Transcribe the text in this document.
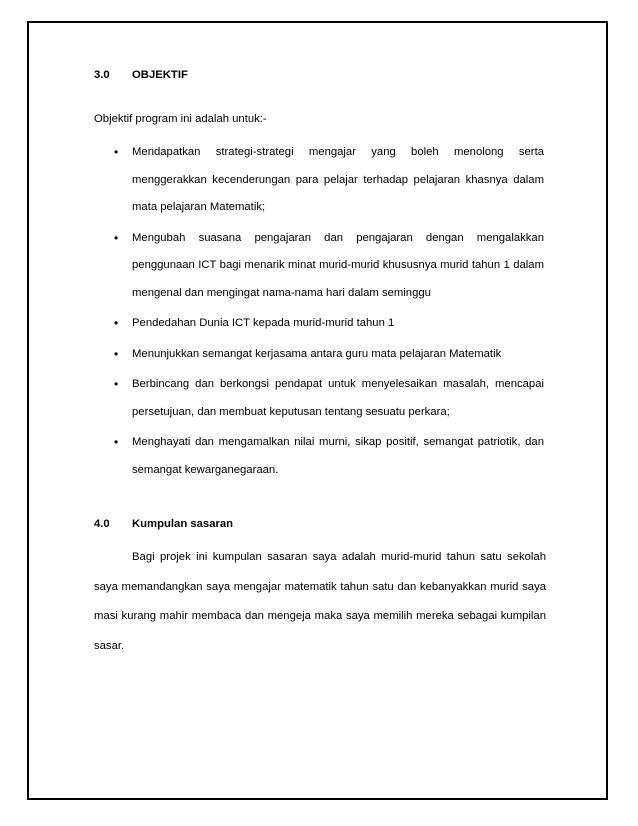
3.0	OBJEKTIF
Objektif program ini adalah untuk:-
• Mendapatkan strategi-strategi mengajar yang boleh menolong serta menggerakkan kecenderungan para pelajar terhadap pelajaran khasnya dalam mata pelajaran Matematik;
• Mengubah suasana pengajaran dan pengajaran dengan mengalakkan penggunaan ICT bagi menarik minat murid-murid khususnya murid tahun 1 dalam mengenal dan mengingat nama-nama hari dalam seminggu
• Pendedahan Dunia ICT kepada murid-murid tahun 1
• Menunjukkan semangat kerjasama antara guru mata pelajaran Matematik
• Berbincang dan berkongsi pendapat untuk menyelesaikan masalah, mencapai persetujuan, dan membuat keputusan tentang sesuatu perkara;
• Menghayati dan mengamalkan nilai murni, sikap positif, semangat patriotik, dan semangat kewarganegaraan.
4.0	Kumpulan sasaran
Bagi projek ini kumpulan sasaran saya adalah murid-murid tahun satu sekolah saya memandangkan saya mengajar matematik tahun satu dan kebanyakkan murid saya masi kurang mahir membaca dan mengeja maka saya memilih mereka sebagai kumpilan sasar.
